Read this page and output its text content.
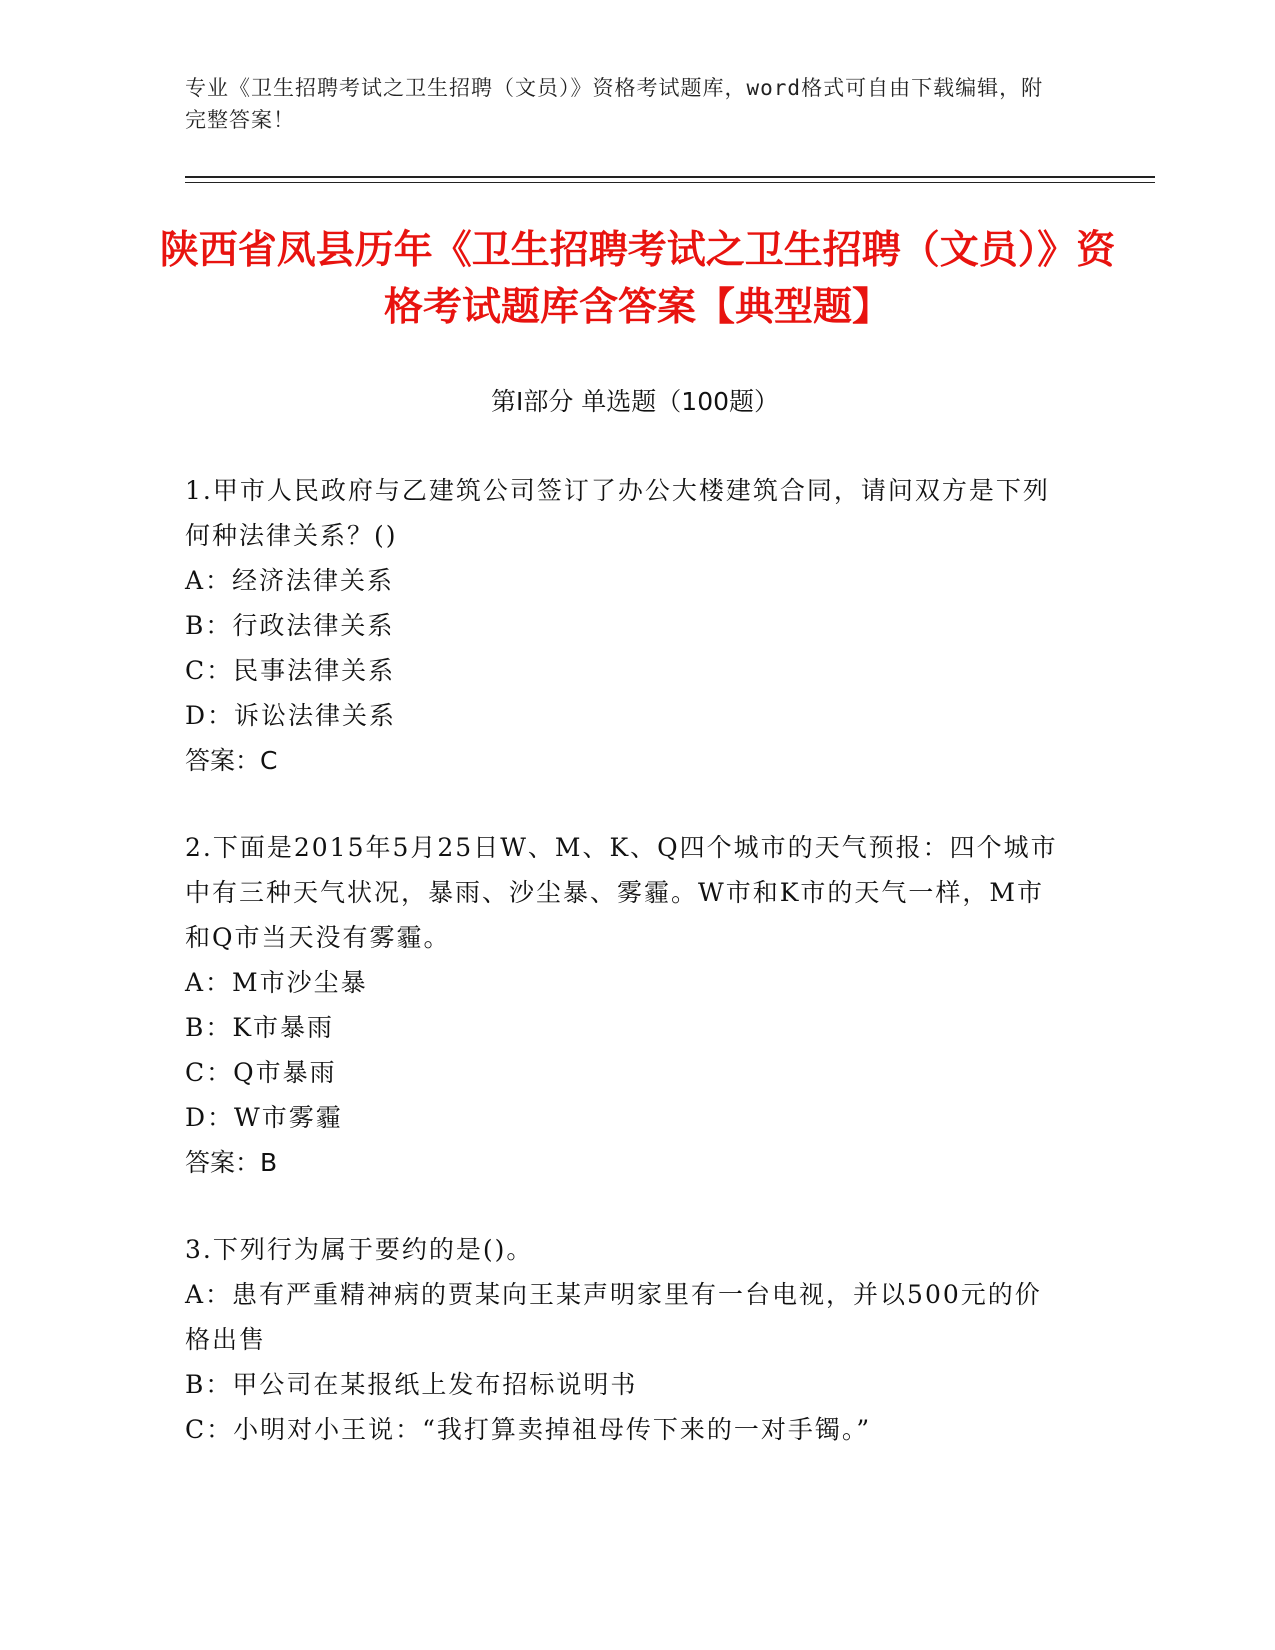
专业《卫生招聘考试之卫生招聘（文员）》资格考试题库，word格式可自由下载编辑，附完整答案！
陕西省凤县历年《卫生招聘考试之卫生招聘（文员）》资格考试题库含答案【典型题】
第Ⅰ部分 单选题（100题）
1.甲市人民政府与乙建筑公司签订了办公大楼建筑合同，请问双方是下列何种法律关系？()
A：经济法律关系
B：行政法律关系
C：民事法律关系
D：诉讼法律关系
答案：C
2.下面是2015年5月25日W、M、K、Q四个城市的天气预报：四个城市中有三种天气状况，暴雨、沙尘暴、雾霾。W市和K市的天气一样，M市和Q市当天没有雾霾。
A：M市沙尘暴
B：K市暴雨
C：Q市暴雨
D：W市雾霾
答案：B
3.下列行为属于要约的是()。
A：患有严重精神病的贾某向王某声明家里有一台电视，并以500元的价格出售
B：甲公司在某报纸上发布招标说明书
C：小明对小王说：“我打算卖掉祖母传下来的一对手镯。”
